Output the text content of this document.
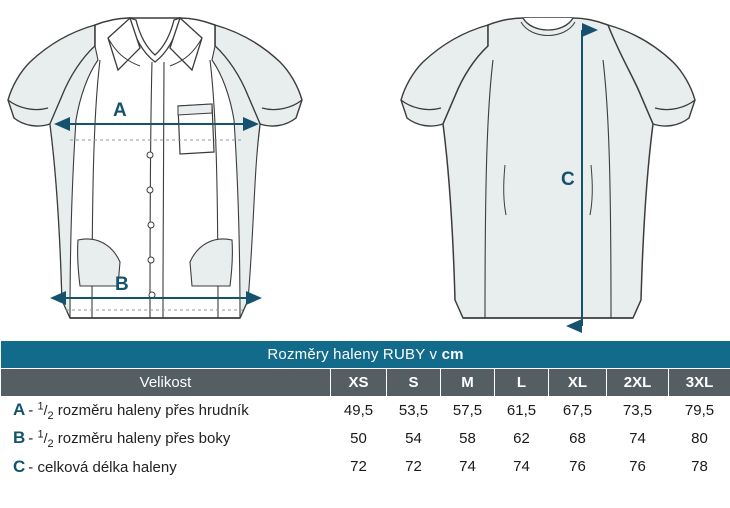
A
B
C
Rozměry haleny RUBY v cm							
Velikost	XS	S	M	L	XL	2XL	3XL
A - $^1/_2$ rozměru haleny přes hrudník	49,5	53,5	57,5	61,5	67,5	73,5	79,5
B - $^1/_2$ rozměru haleny přes boky	50	54	58	62	68	74	80
C - celková délka haleny	72	72	74	74	76	76	78
